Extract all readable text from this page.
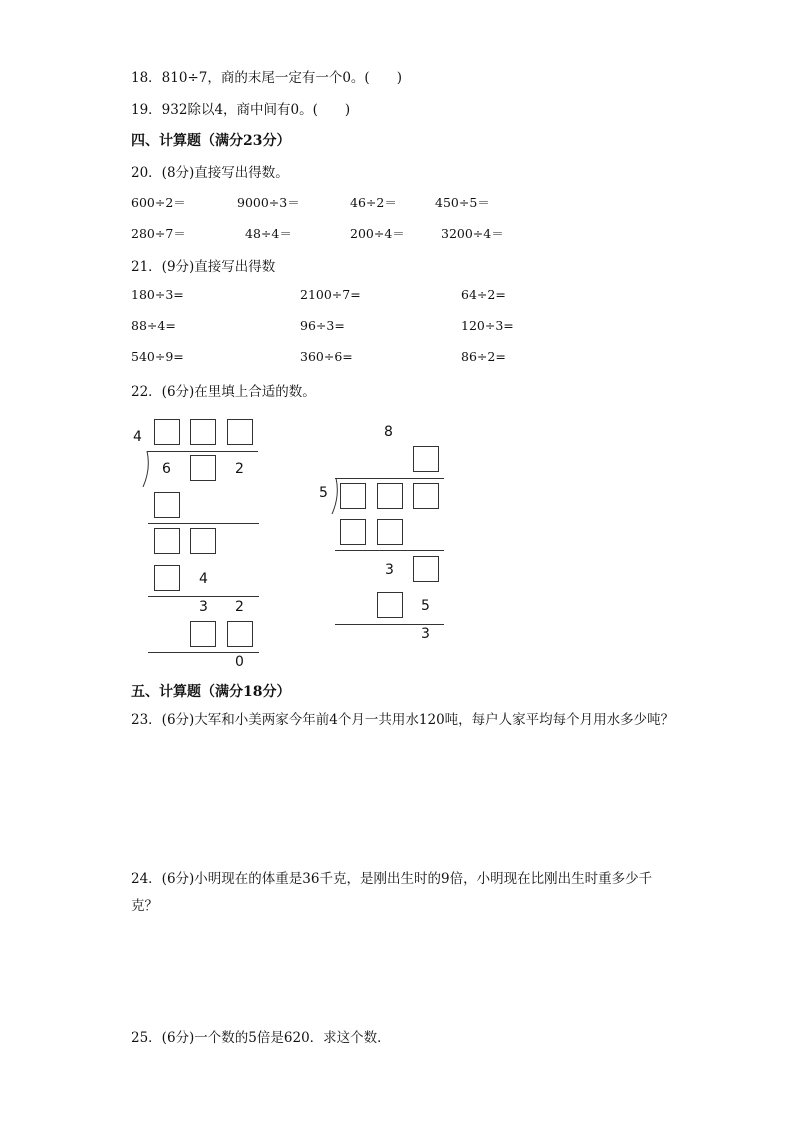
18．810÷7，商的末尾一定有一个0。(　　)
19．932除以4，商中间有0。(　　)
四、计算题（满分23分）
20．(8分)直接写出得数。
600÷2＝	9000÷3＝	46÷2＝	450÷5＝
280÷7＝	48÷4＝	200÷4＝	3200÷4＝
21．(9分)直接写出得数
180÷3=	2100÷7=	64÷2=
88÷4=	96÷3=	120÷3=
540÷9=	360÷6=	86÷2=
22．(6分)在里填上合适的数。
4
6	2
4
3 2
0
8
5
3
5
3
五、计算题（满分18分）
23．(6分)大军和小美两家今年前4个月一共用水120吨，每户人家平均每个月用水多少吨？
24．(6分)小明现在的体重是36千克，是刚出生时的9倍，小明现在比刚出生时重多少千克？
25．(6分)一个数的5倍是620．求这个数．
